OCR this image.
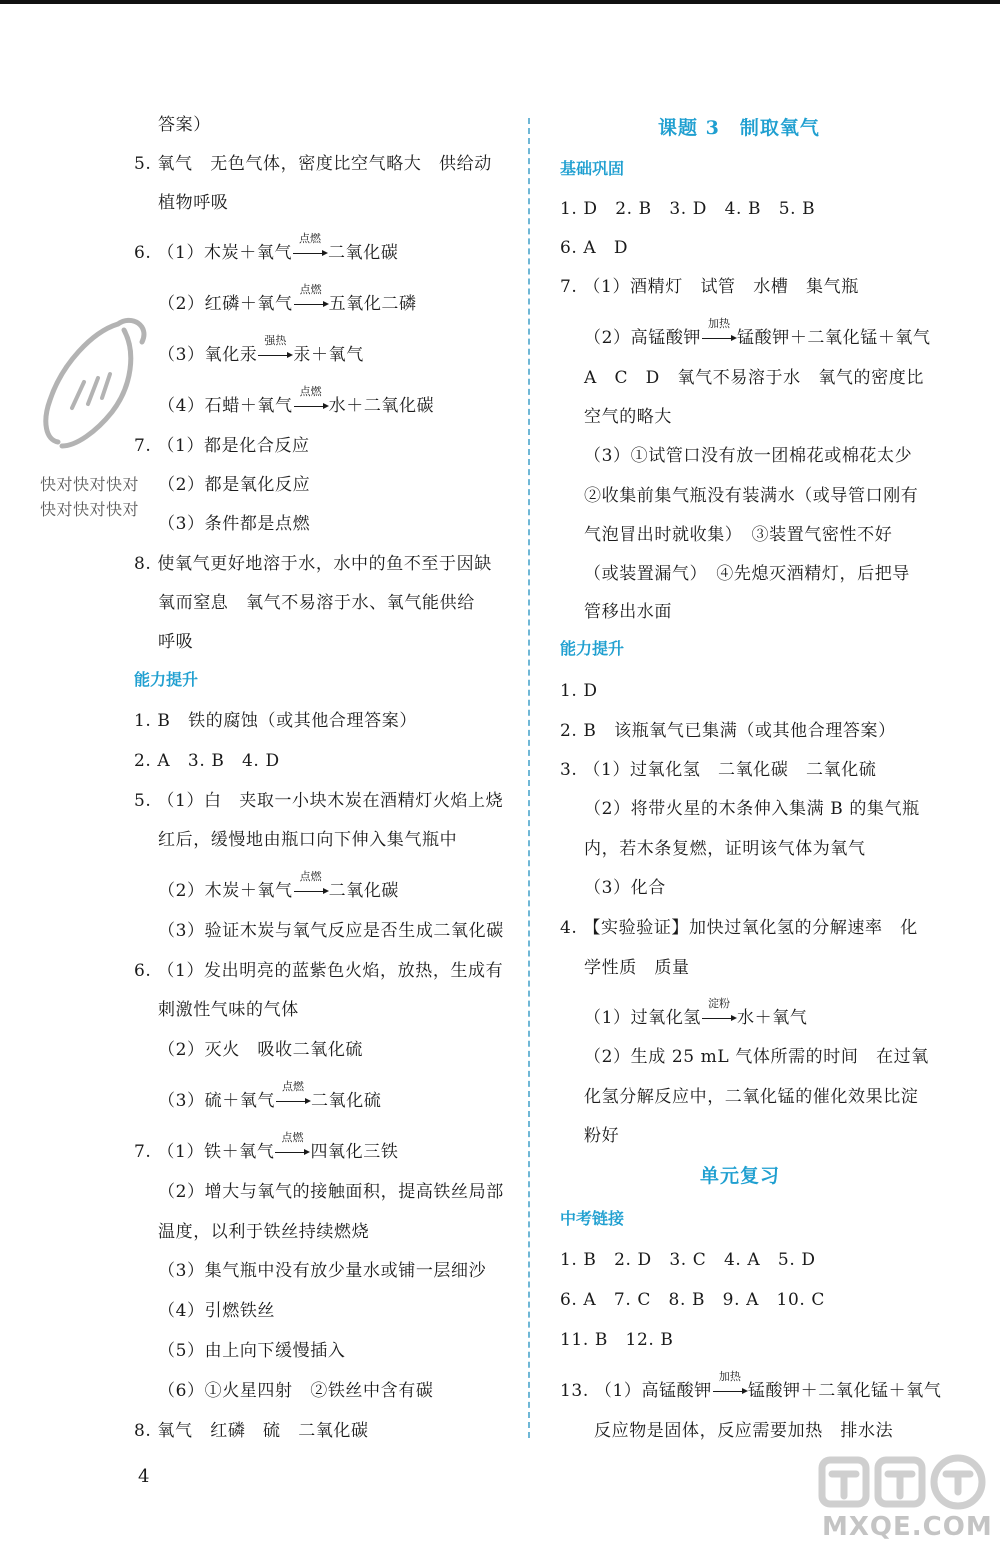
答案）
5. 氧气　无色气体，密度比空气略大　供给动
植物呼吸
6. （1）木炭＋氧气
点燃
二氧化碳
（2）红磷＋氧气
点燃
五氧化二磷
（3）氧化汞
强热
汞＋氧气
（4）石蜡＋氧气
点燃
水＋二氧化碳
7. （1）都是化合反应
（2）都是氧化反应
（3）条件都是点燃
8. 使氧气更好地溶于水，水中的鱼不至于因缺
氧而窒息　氧气不易溶于水、氧气能供给
呼吸
能力提升
1. B　铁的腐蚀（或其他合理答案）
2. A　3. B　4. D
5. （1）白　夹取一小块木炭在酒精灯火焰上烧
红后，缓慢地由瓶口向下伸入集气瓶中
（2）木炭＋氧气
点燃
二氧化碳
（3）验证木炭与氧气反应是否生成二氧化碳
6. （1）发出明亮的蓝紫色火焰，放热，生成有
刺激性气味的气体
（2）灭火　吸收二氧化硫
（3）硫＋氧气
点燃
二氧化硫
7. （1）铁＋氧气
点燃
四氧化三铁
（2）增大与氧气的接触面积，提高铁丝局部
温度，以利于铁丝持续燃烧
（3）集气瓶中没有放少量水或铺一层细沙
（4）引燃铁丝
（5）由上向下缓慢插入
（6）①火星四射　②铁丝中含有碳
8. 氧气　红磷　硫　二氧化碳
快对快对快对
快对快对快对
课题 3　制取氧气
基础巩固
1. D　2. B　3. D　4. B　5. B
6. A　D
7. （1）酒精灯　试管　水槽　集气瓶
（2）高锰酸钾
加热
锰酸钾＋二氧化锰＋氧气
A　C　D　氧气不易溶于水　氧气的密度比
空气的略大
（3）①试管口没有放一团棉花或棉花太少
②收集前集气瓶没有装满水（或导管口刚有
气泡冒出时就收集）　③装置气密性不好
（或装置漏气）　④先熄灭酒精灯，后把导
管移出水面
能力提升
1. D
2. B　该瓶氧气已集满（或其他合理答案）
3. （1）过氧化氢　二氧化碳　二氧化硫
（2）将带火星的木条伸入集满 B 的集气瓶
内，若木条复燃，证明该气体为氧气
（3）化合
4. 【实验验证】加快过氧化氢的分解速率　化
学性质　质量
（1）过氧化氢
淀粉
水＋氧气
（2）生成 25 mL 气体所需的时间　在过氧
化氢分解反应中，二氧化锰的催化效果比淀
粉好
单元复习
中考链接
1. B　2. D　3. C　4. A　5. D
6. A　7. C　8. B　9. A　10. C
11. B　12. B
13. （1）高锰酸钾
加热
锰酸钾＋二氧化锰＋氧气
反应物是固体，反应需要加热　排水法
4
MXQE.COM
